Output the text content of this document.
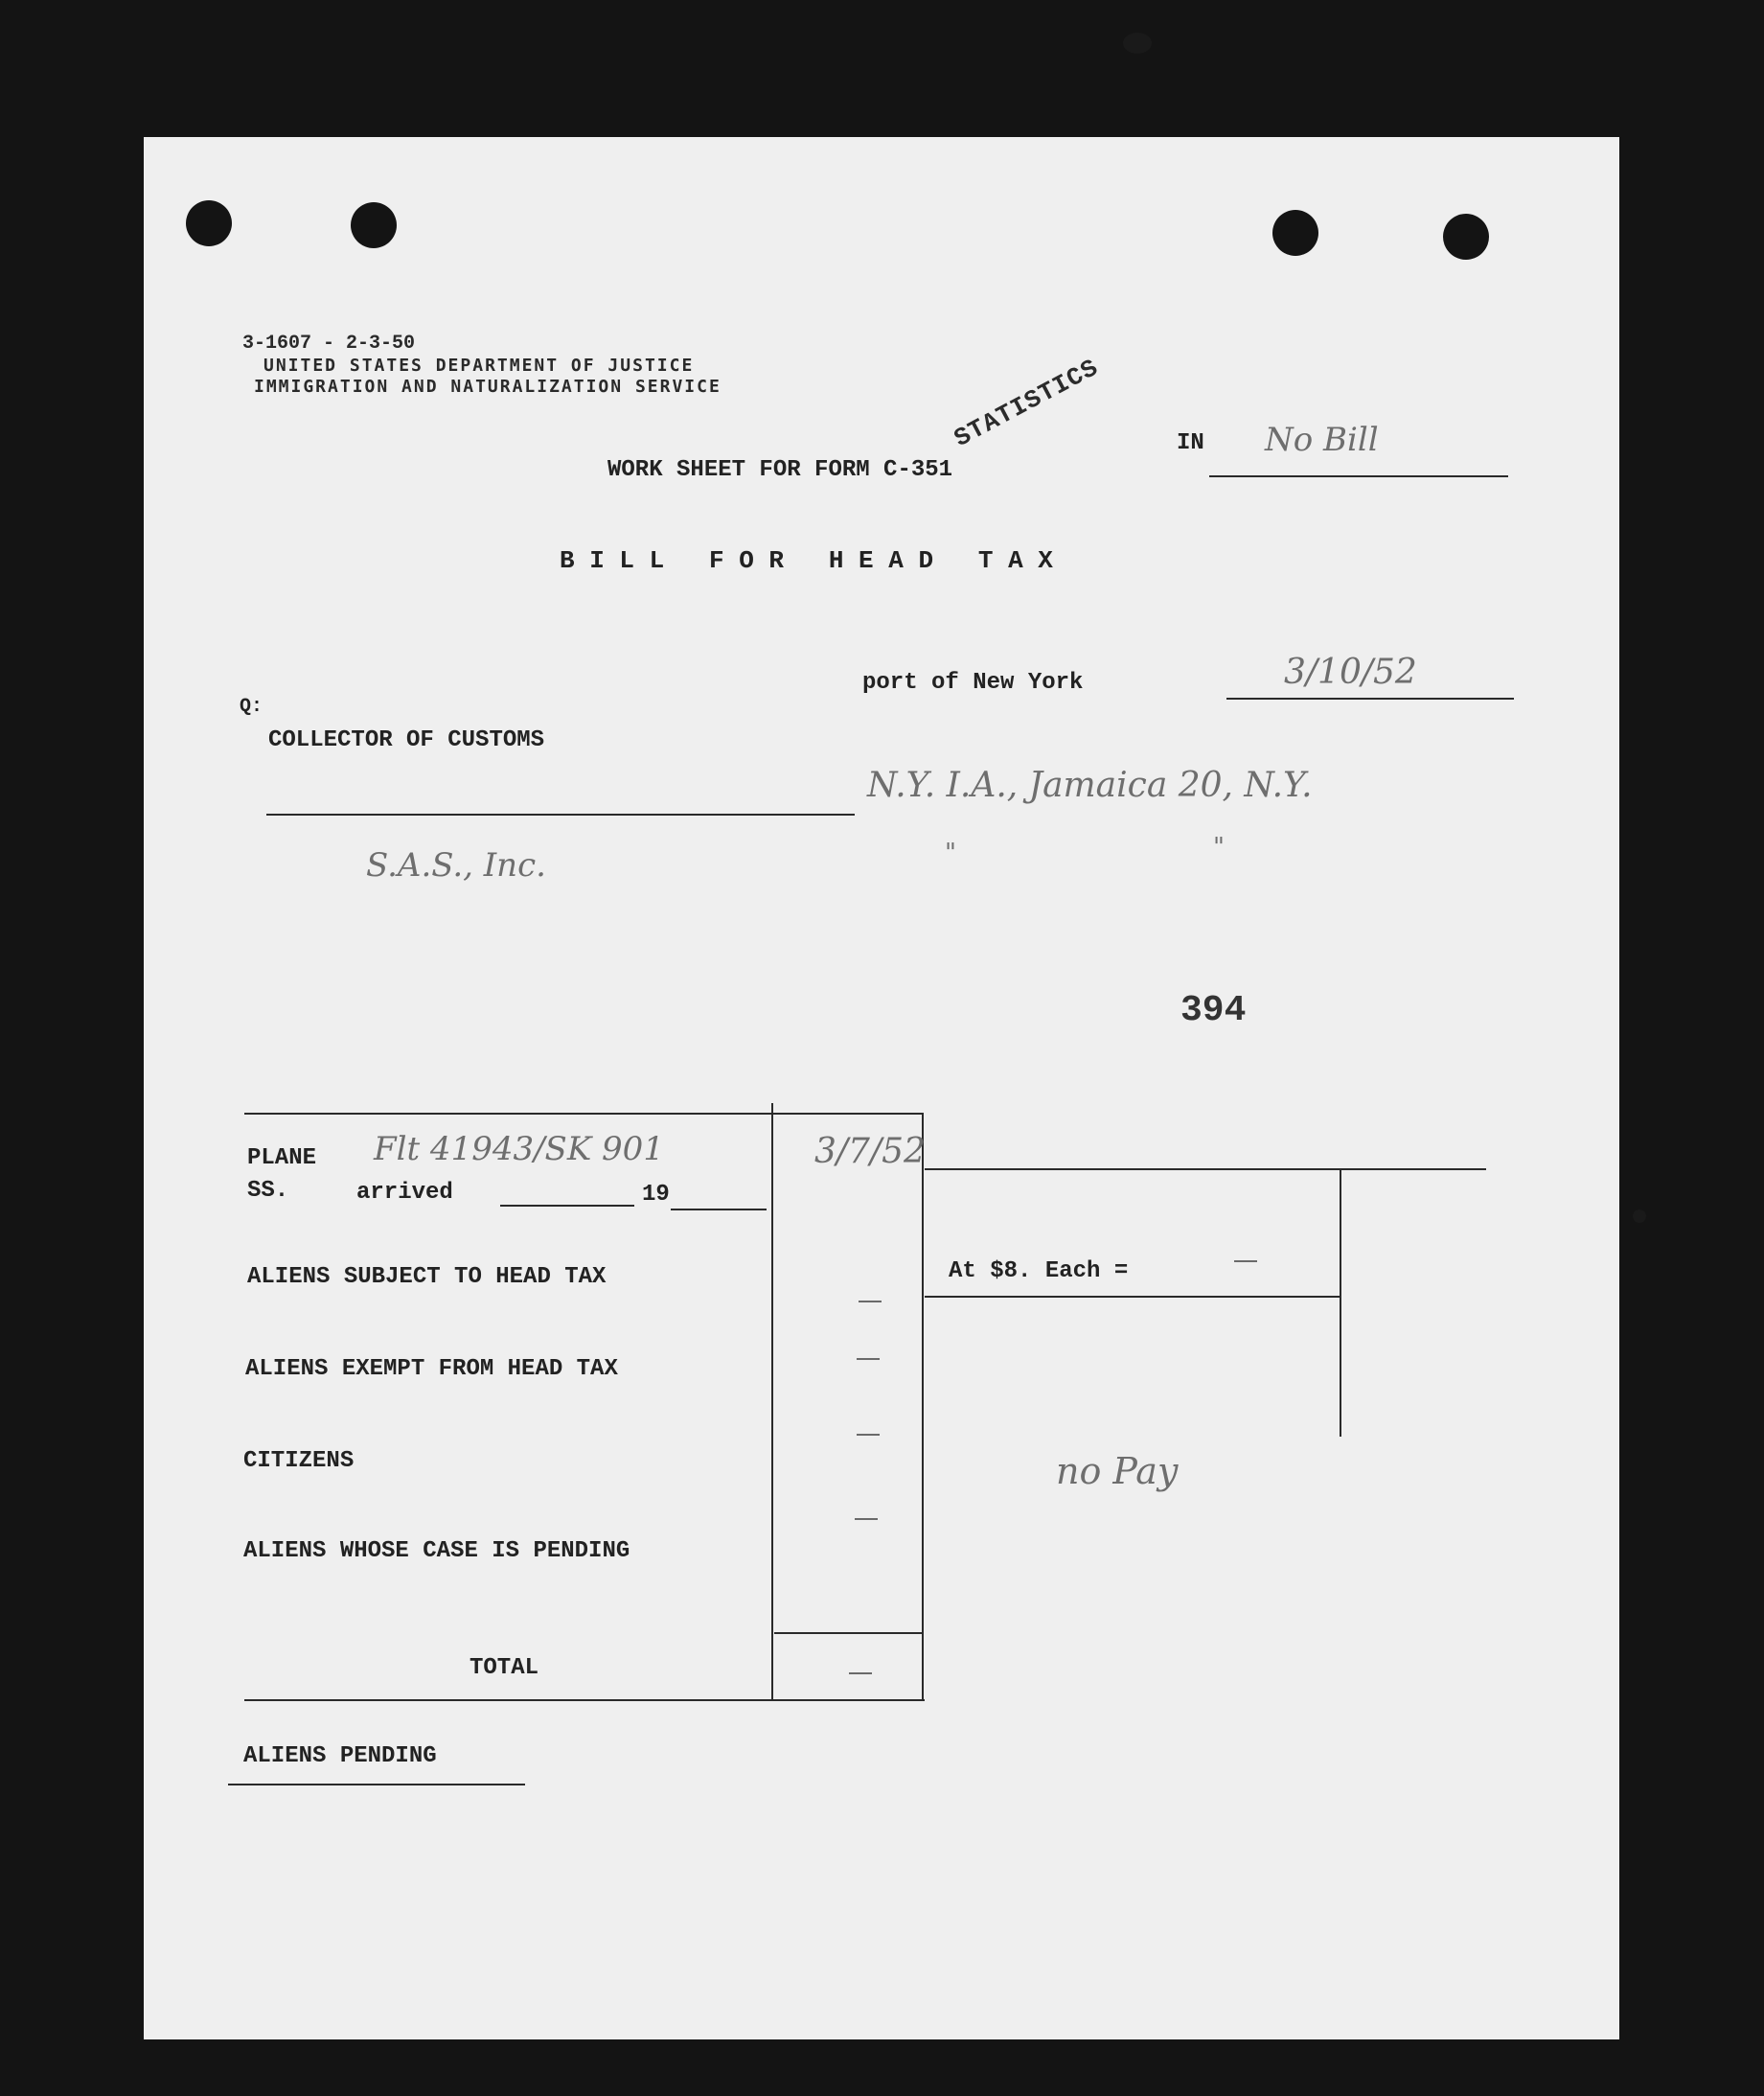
3-1607 - 2-3-50
UNITED STATES DEPARTMENT OF JUSTICE
IMMIGRATION AND NATURALIZATION SERVICE	STATISTICS	IN No Bill
WORK SHEET FOR FORM C-351
B I L L   F O R   H E A D   T A X
port of New York	3/10/52
Q:
COLLECTOR OF CUSTOMS
N.Y. I.A., Jamaica 20, N.Y.
"	"
S.A.S., Inc.
394
PLANE
SS.
Flt 41943/SK 901
arrived	19
3/7/52
ALIENS SUBJECT TO HEAD TAX
ALIENS EXEMPT FROM HEAD TAX
CITIZENS
ALIENS WHOSE CASE IS PENDING
TOTAL
At $8. Each =
no Pay
ALIENS PENDING
